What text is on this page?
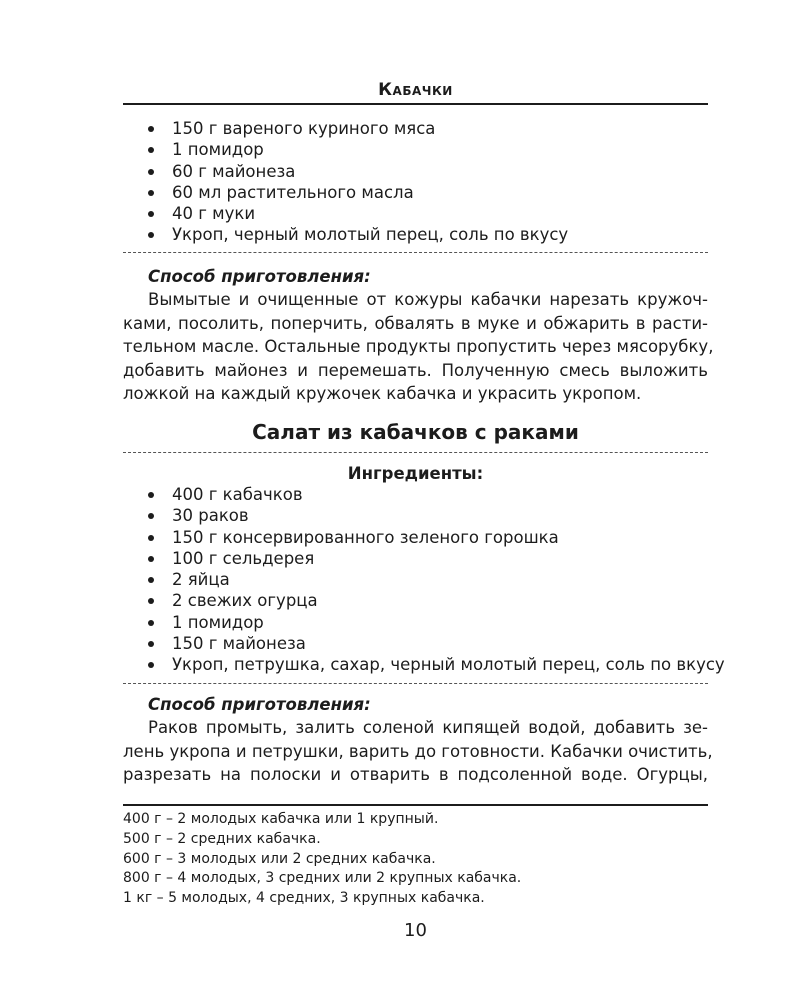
Кабачки
150 г вареного куриного мяса
1 помидор
60 г майонеза
60 мл растительного масла
40 г муки
Укроп, черный молотый перец, соль по вкусу
Способ приготовления:
Вымытые и очищенные от кожуры кабачки нарезать кружоч-
ками, посолить, поперчить, обвалять в муке и обжарить в расти-
тельном масле. Остальные продукты пропустить через мясорубку,
добавить майонез и перемешать. Полученную смесь выложить
ложкой на каждый кружочек кабачка и украсить укропом.
Салат из кабачков с раками
Ингредиенты:
400 г кабачков
30 раков
150 г консервированного зеленого горошка
100 г сельдерея
2 яйца
2 свежих огурца
1 помидор
150 г майонеза
Укроп, петрушка, сахар, черный молотый перец, соль по вкусу
Способ приготовления:
Раков промыть, залить соленой кипящей водой, добавить зе-
лень укропа и петрушки, варить до готовности. Кабачки очистить,
разрезать на полоски и отварить в подсоленной воде. Огурцы,
400 г – 2 молодых кабачка или 1 крупный.
500 г – 2 средних кабачка.
600 г – 3 молодых или 2 средних кабачка.
800 г – 4 молодых, 3 средних или 2 крупных кабачка.
1 кг – 5 молодых, 4 средних, 3 крупных кабачка.
10
